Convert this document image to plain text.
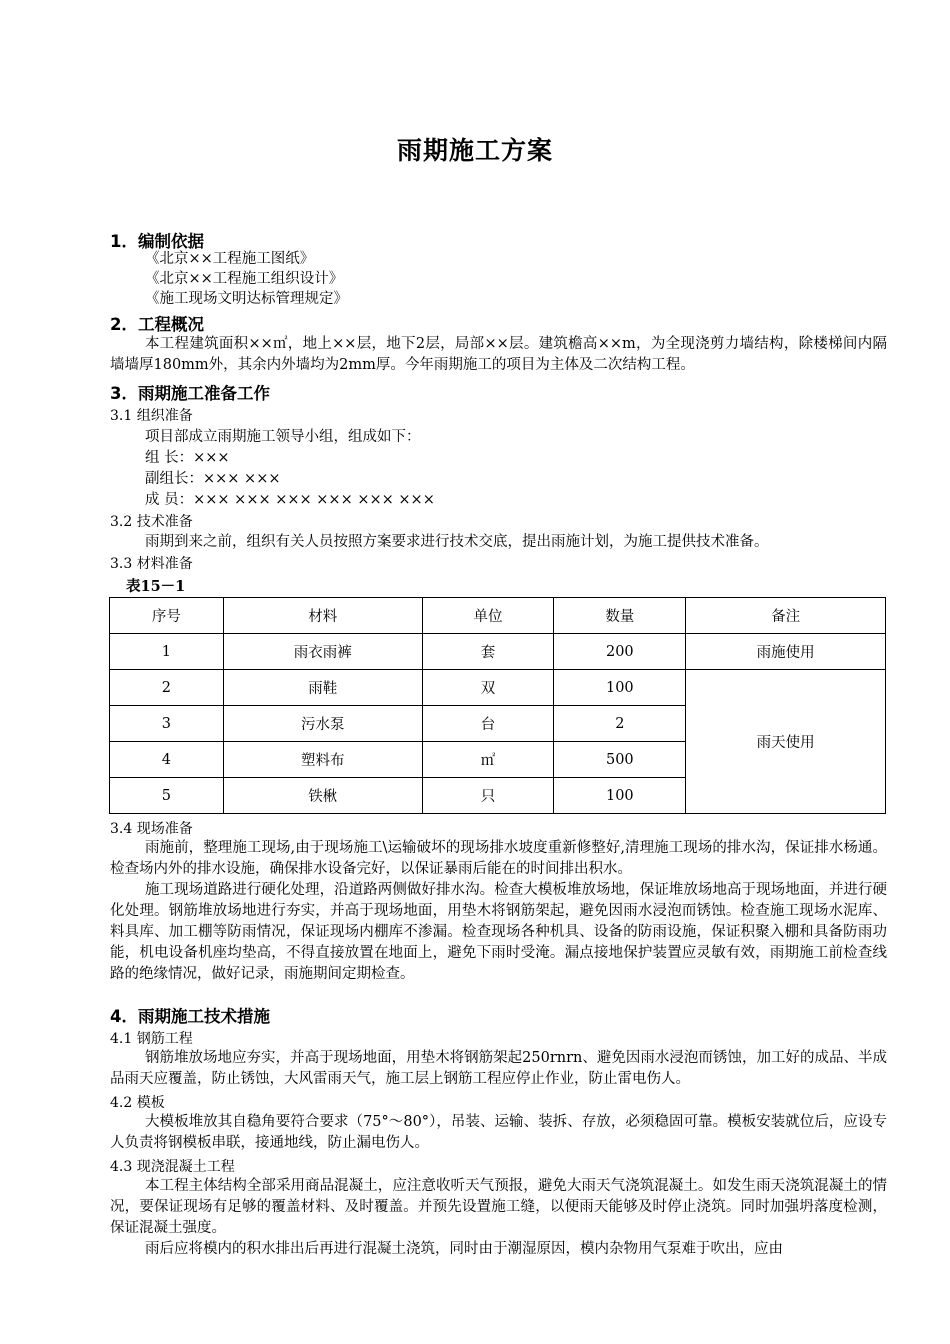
雨期施工方案
1．编制依据
《北京××工程施工图纸》
《北京××工程施工组织设计》
《施工现场文明达标管理规定》
2．工程概况
本工程建筑面积××㎡，地上××层，地下2层，局部××层。建筑檐高××m，为全现浇剪力墙结构，除楼梯间内隔墙墙厚180mm外，其余内外墙均为2mm厚。今年雨期施工的项目为主体及二次结构工程。
3．雨期施工准备工作
3.1 组织准备
项目部成立雨期施工领导小组，组成如下：
组 长：×××
副组长：××× ×××
成 员：××× ××× ××× ××× ××× ×××
3.2 技术准备
雨期到来之前，组织有关人员按照方案要求进行技术交底，提出雨施计划，为施工提供技术准备。
3.3 材料准备
表15－1
序号	材料	单位	数量	备注
1	雨衣雨裤	套	200	雨施使用
2	雨鞋	双	100	雨天使用
3	污水泵	台	2	
4	塑料布	㎡	500	
5	铁楸	只	100	
3.4 现场准备
雨施前，整理施工现场,由于现场施工\运输破坏的现场排水坡度重新修整好,清理施工现场的排水沟，保证排水杨通。检查场内外的排水设施，确保排水设备完好，以保证暴雨后能在的时间排出积水。
施工现场道路进行硬化处理，沿道路两侧做好排水沟。检查大模板堆放场地，保证堆放场地高于现场地面，并进行硬化处理。钢筋堆放场地进行夯实，并高于现场地面，用垫木将钢筋架起，避免因雨水浸泡而锈蚀。检查施工现场水泥库、料具库、加工棚等防雨情况，保证现场内棚库不渗漏。检查现场各种机具、设备的防雨设施，保证积聚入棚和具备防雨功能，机电设备机座均垫高，不得直接放置在地面上，避免下雨时受淹。漏点接地保护装置应灵敏有效，雨期施工前检查线路的绝缘情况，做好记录，雨施期间定期检查。
4．雨期施工技术措施
4.1 钢筋工程
钢筋堆放场地应夯实，并高于现场地面，用垫木将钢筋架起250rnrn、避免因雨水浸泡而锈蚀，加工好的成品、半成品雨天应覆盖，防止锈蚀，大风雷雨天气，施工层上钢筋工程应停止作业，防止雷电伤人。
4.2 模板
大模板堆放其自稳角要符合要求（75°～80°），吊装、运输、装拆、存放，必须稳固可靠。模板安装就位后，应设专人负责将钢模板串联，接通地线，防止漏电伤人。
4.3 现浇混凝土工程
本工程主体结构全部采用商品混凝土，应注意收听天气预报，避免大雨天气浇筑混凝土。如发生雨天浇筑混凝土的情况，要保证现场有足够的覆盖材料、及时覆盖。并预先设置施工缝，以便雨天能够及时停止浇筑。同时加强坍落度检测，保证混凝土强度。
雨后应将模内的积水排出后再进行混凝土浇筑，同时由于潮湿原因，模内杂物用气泵难于吹出，应由
